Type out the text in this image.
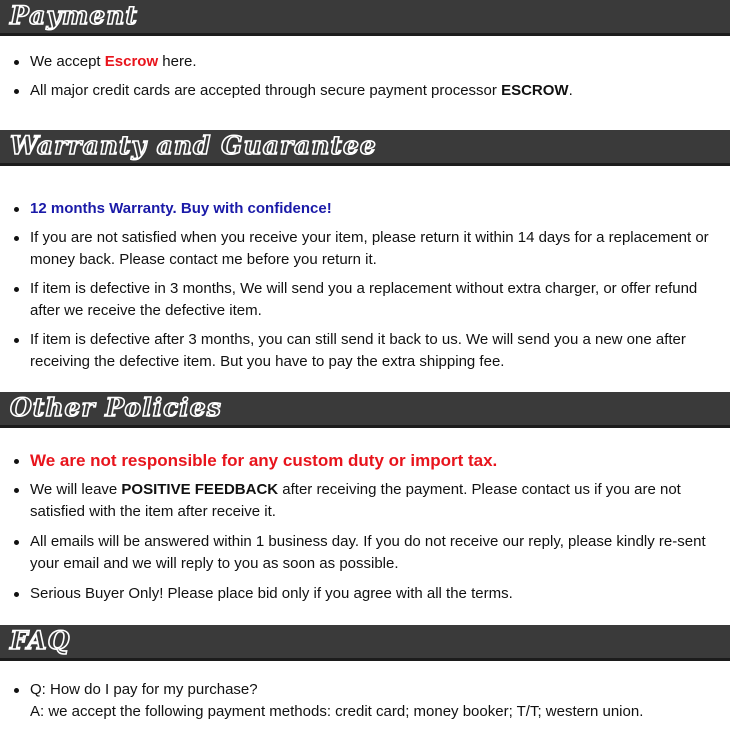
Payment
We accept Escrow here.
All major credit cards are accepted through secure payment processor ESCROW.
Warranty and Guarantee
12 months Warranty. Buy with confidence!
If you are not satisfied when you receive your item, please return it within 14 days for a replacement or money back. Please contact me before you return it.
If item is defective in 3 months, We will send you a replacement without extra charger, or offer refund after we receive the defective item.
If item is defective after 3 months, you can still send it back to us. We will send you a new one after receiving the defective item. But you have to pay the extra shipping fee.
Other Policies
We are not responsible for any custom duty or import tax.
We will leave POSITIVE FEEDBACK after receiving the payment. Please contact us if you are not satisfied with the item after receive it.
All emails will be answered within 1 business day. If you do not receive our reply, please kindly re-sent your email and we will reply to you as soon as possible.
Serious Buyer Only! Please place bid only if you agree with all the terms.
FAQ
Q: How do I pay for my purchase?
A: we accept the following payment methods: credit card; money booker; T/T; western union.
